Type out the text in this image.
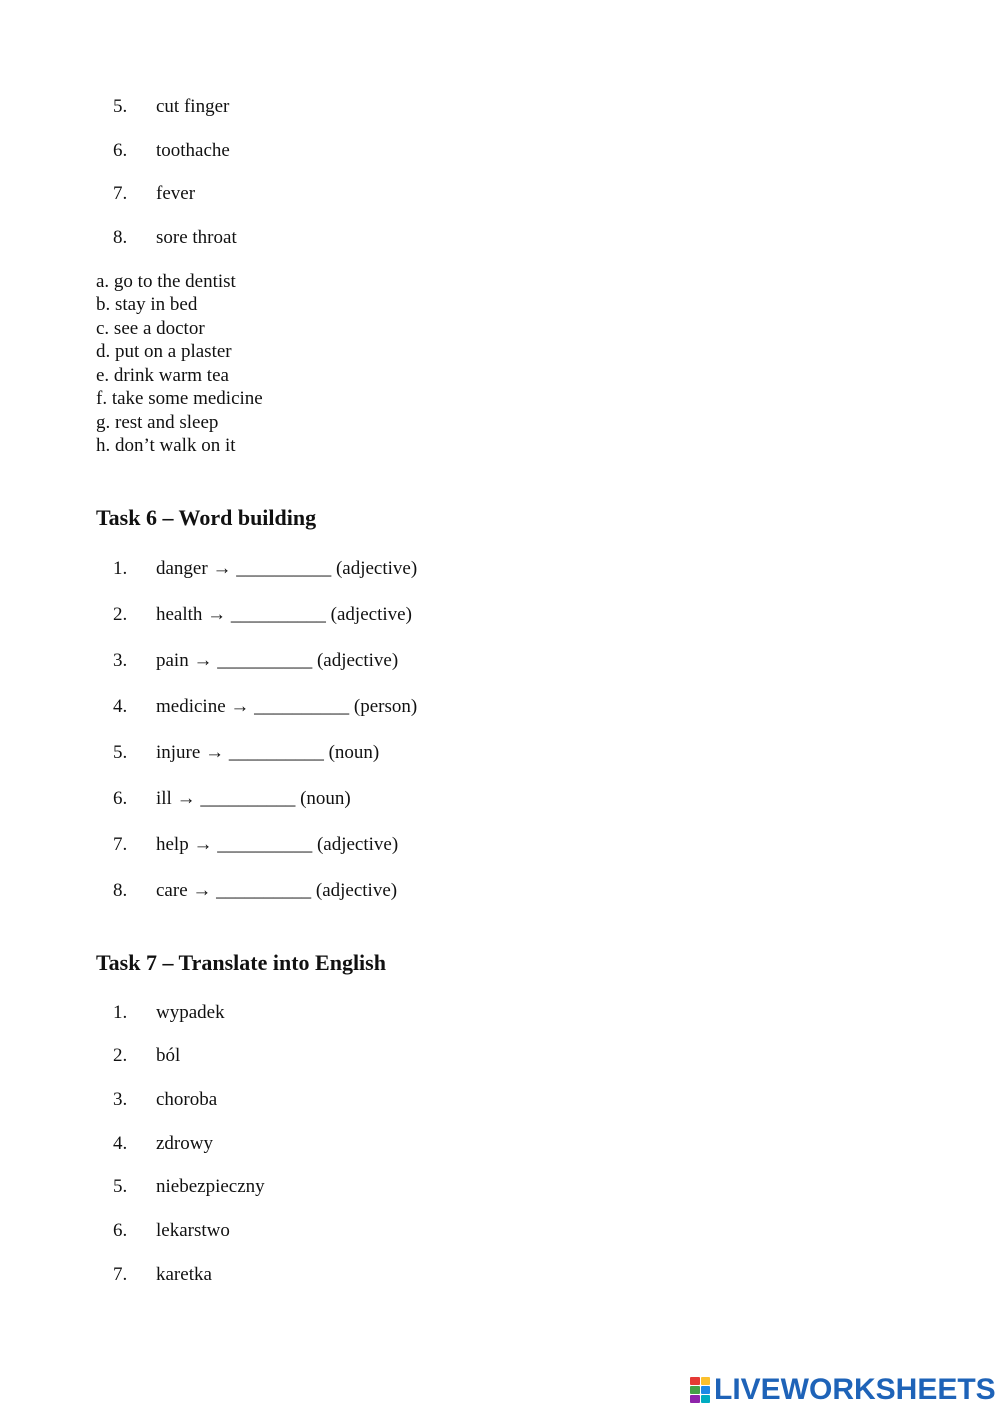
5. cut finger
6. toothache
7. fever
8. sore throat
a. go to the dentist
b. stay in bed
c. see a doctor
d. put on a plaster
e. drink warm tea
f. take some medicine
g. rest and sleep
h. don’t walk on it
Task 6 – Word building
1. danger → __________ (adjective)
2. health → __________ (adjective)
3. pain → __________ (adjective)
4. medicine → __________ (person)
5. injure → __________ (noun)
6. ill → __________ (noun)
7. help → __________ (adjective)
8. care → __________ (adjective)
Task 7 – Translate into English
1. wypadek
2. ból
3. choroba
4. zdrowy
5. niebezpieczny
6. lekarstwo
7. karetka
LIVEWORKSHEETS
